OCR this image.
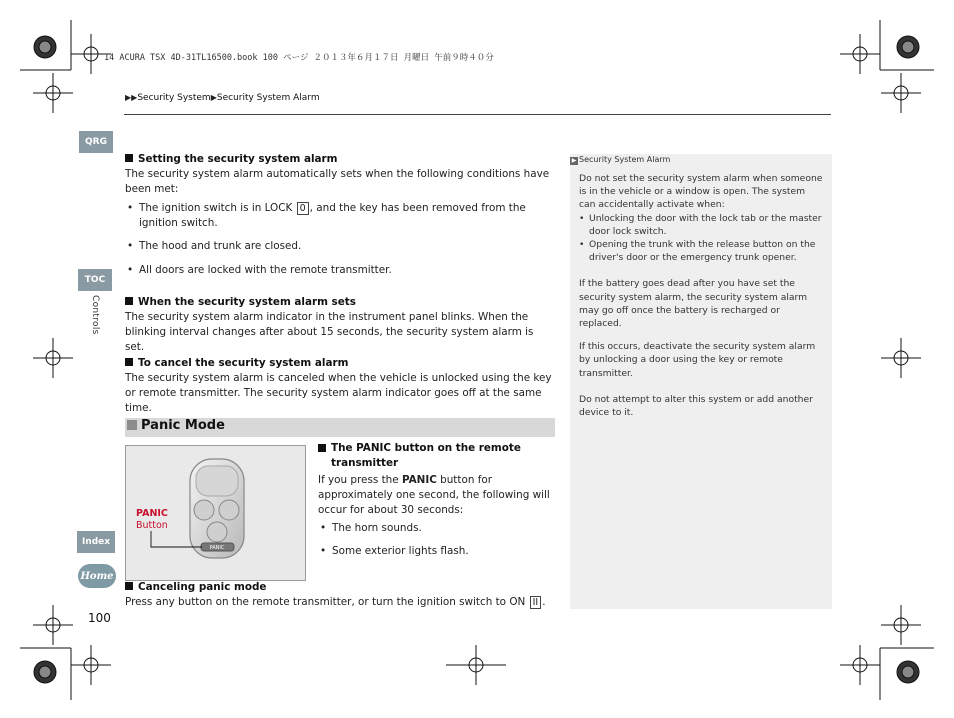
14 ACURA TSX 4D-31TL16500.book 100 ページ ２０１３年６月１７日 月曜日 午前９時４０分
▶▶Security System▶Security System Alarm
QRG
TOC
Controls
Index
Home
Setting the security system alarm
The security system alarm automatically sets when the following conditions have been met:
• The ignition switch is in LOCK 0 , and the key has been removed from the ignition switch.
• The hood and trunk are closed.
• All doors are locked with the remote transmitter.
When the security system alarm sets
The security system alarm indicator in the instrument panel blinks. When the blinking interval changes after about 15 seconds, the security system alarm is set.
To cancel the security system alarm
The security system alarm is canceled when the vehicle is unlocked using the key or remote transmitter. The security system alarm indicator goes off at the same time.
Panic Mode
PANIC
PANIC
Button
The PANIC button on the remote transmitter
If you press the PANIC button for approximately one second, the following will occur for about 30 seconds:
• The horn sounds.
• Some exterior lights flash.
Canceling panic mode
Press any button on the remote transmitter, or turn the ignition switch to ON II .
▶ Security System Alarm

Do not set the security system alarm when someone is in the vehicle or a window is open. The system can accidentally activate when:

• Unlocking the door with the lock tab or the master door lock switch.
• Opening the trunk with the release button on the driver's door or the emergency trunk opener.

If the battery goes dead after you have set the security system alarm, the security system alarm may go off once the battery is recharged or replaced.

If this occurs, deactivate the security system alarm by unlocking a door using the key or remote transmitter.

Do not attempt to alter this system or add another device to it.

100
